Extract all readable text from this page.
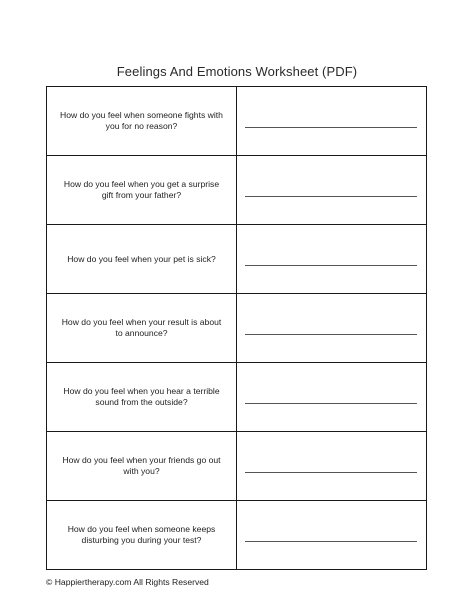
Feelings And Emotions Worksheet (PDF)
How do you feel when someone fights with you for no reason?
How do you feel when you get a surprise gift from your father?
How do you feel when your pet is sick?
How do you feel when your result is about to announce?
How do you feel when you hear a terrible sound from the outside?
How do you feel when your friends go out with you?
How do you feel when someone keeps disturbing you during your test?
© Happiertherapy.com All Rights Reserved
